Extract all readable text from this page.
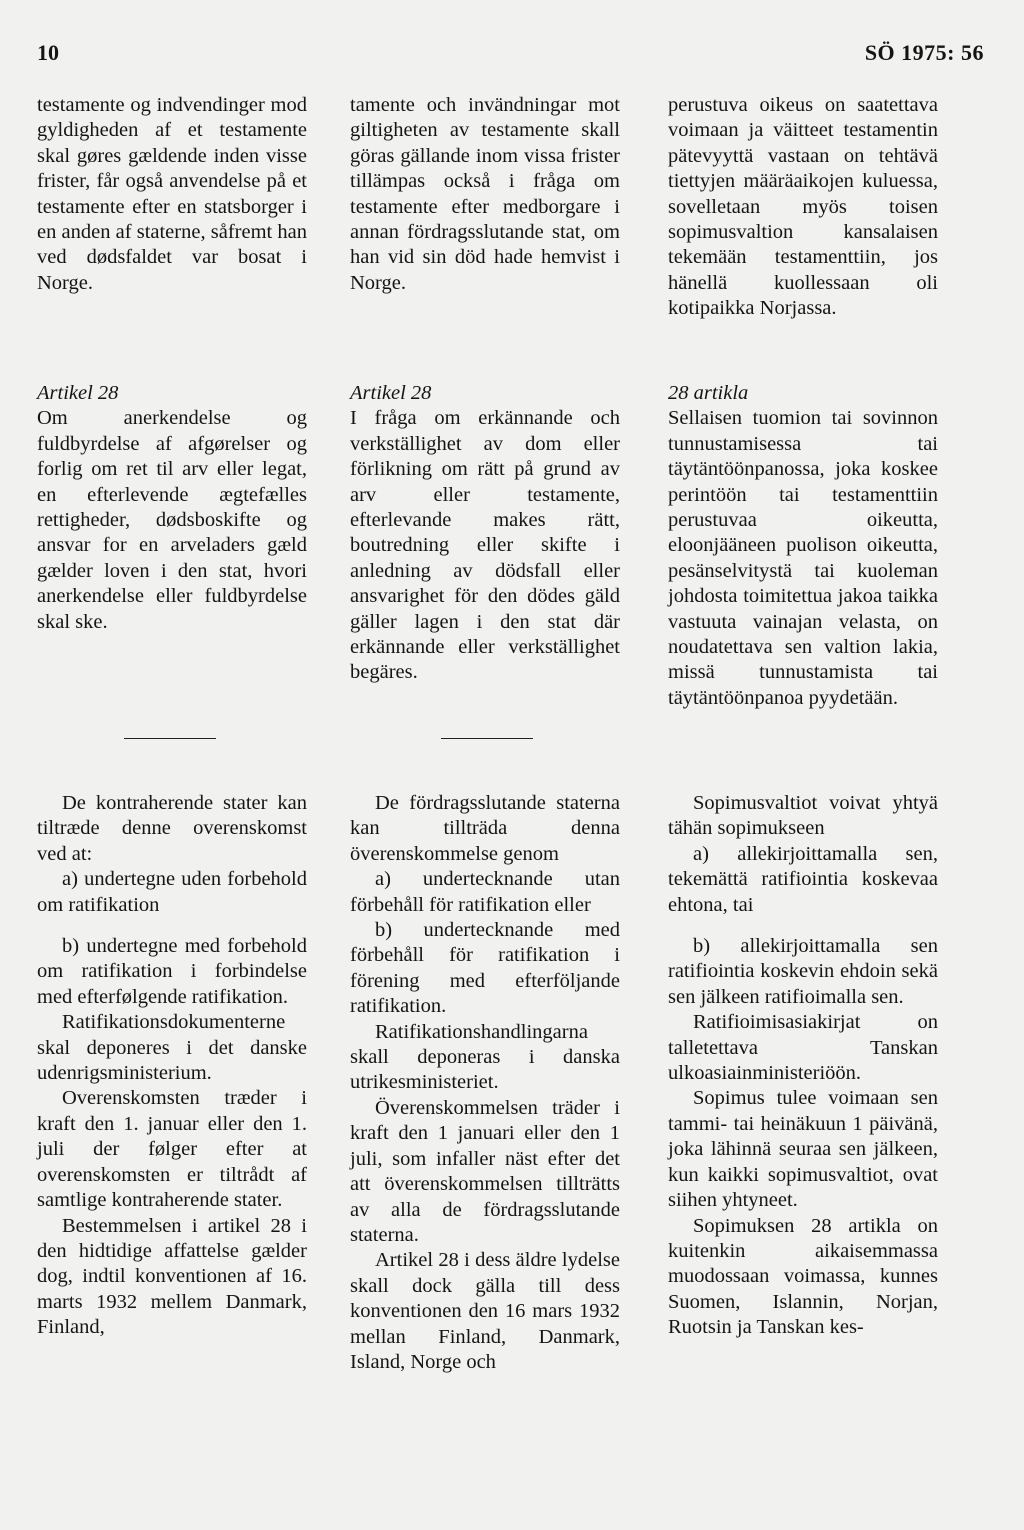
10	SÖ 1975: 56

testamente og indvendinger mod gyldigheden af et testamente skal gøres gældende inden visse frister, får også anvendelse på et testamente efter en statsborger i en anden af staterne, såfremt han ved dødsfaldet var bosat i Norge.

tamente och invändningar mot giltigheten av testamente skall göras gällande inom vissa frister tillämpas också i fråga om testamente efter medborgare i annan fördragsslutande stat, om han vid sin död hade hemvist i Norge.

perustuva oikeus on saatettava voimaan ja väitteet testamentin pätevyyttä vastaan on tehtävä tiettyjen määräaikojen kuluessa, sovelletaan myös toisen sopimusvaltion kansalaisen tekemään testamenttiin, jos hänellä kuollessaan oli kotipaikka Norjassa.

Artikel 28

Om anerkendelse og fuldbyrdelse af afgørelser og forlig om ret til arv eller legat, en efterlevende ægtefælles rettigheder, dødsboskifte og ansvar for en arveladers gæld gælder loven i den stat, hvori anerkendelse eller fuldbyrdelse skal ske.

Artikel 28

I fråga om erkännande och verkställighet av dom eller förlikning om rätt på grund av arv eller testamente, efterlevande makes rätt, boutredning eller skifte i anledning av dödsfall eller ansvarighet för den dödes gäld gäller lagen i den stat där erkännande eller verkställighet begäres.

28 artikla

Sellaisen tuomion tai sovinnon tunnustamisessa tai täytäntöönpanossa, joka koskee perintöön tai testamenttiin perustuvaa oikeutta, eloonjääneen puolison oikeutta, pesänselvitystä tai kuoleman johdosta toimitettua jakoa taikka vastuuta vainajan velasta, on noudatettava sen valtion lakia, missä tunnustamista tai täytäntöönpanoa pyydetään.

De kontraherende stater kan tiltræde denne overenskomst ved at:

a) undertegne uden forbehold om ratifikation

b) undertegne med forbehold om ratifikation i forbindelse med efterfølgende ratifikation.

Ratifikationsdokumenterne skal deponeres i det danske udenrigsministerium.

Overenskomsten træder i kraft den 1. januar eller den 1. juli der følger efter at overenskomsten er tiltrådt af samtlige kontraherende stater.

Bestemmelsen i artikel 28 i den hidtidige affattelse gælder dog, indtil konventionen af 16. marts 1932 mellem Danmark, Finland,

De fördragsslutande staterna kan tillträda denna överenskommelse genom

a) undertecknande utan förbehåll för ratifikation eller

b) undertecknande med förbehåll för ratifikation i förening med efterföljande ratifikation.

Ratifikationshandlingarna skall deponeras i danska utrikesministeriet.

Överenskommelsen träder i kraft den 1 januari eller den 1 juli, som infaller näst efter det att överenskommelsen tillträtts av alla de fördragsslutande staterna.

Artikel 28 i dess äldre lydelse skall dock gälla till dess konventionen den 16 mars 1932 mellan Finland, Danmark, Island, Norge och

Sopimusvaltiot voivat yhtyä tähän sopimukseen

a) allekirjoittamalla sen, tekemättä ratifiointia koskevaa ehtona, tai

b) allekirjoittamalla sen ratifiointia koskevin ehdoin sekä sen jälkeen ratifioimalla sen.

Ratifioimisasiakirjat on talletettava Tanskan ulkoasiainministeriöön.

Sopimus tulee voimaan sen tammi- tai heinäkuun 1 päivänä, joka lähinnä seuraa sen jälkeen, kun kaikki sopimusvaltiot, ovat siihen yhtyneet.

Sopimuksen 28 artikla on kuitenkin aikaisemmassa muodossaan voimassa, kunnes Suomen, Islannin, Norjan, Ruotsin ja Tanskan kes-
